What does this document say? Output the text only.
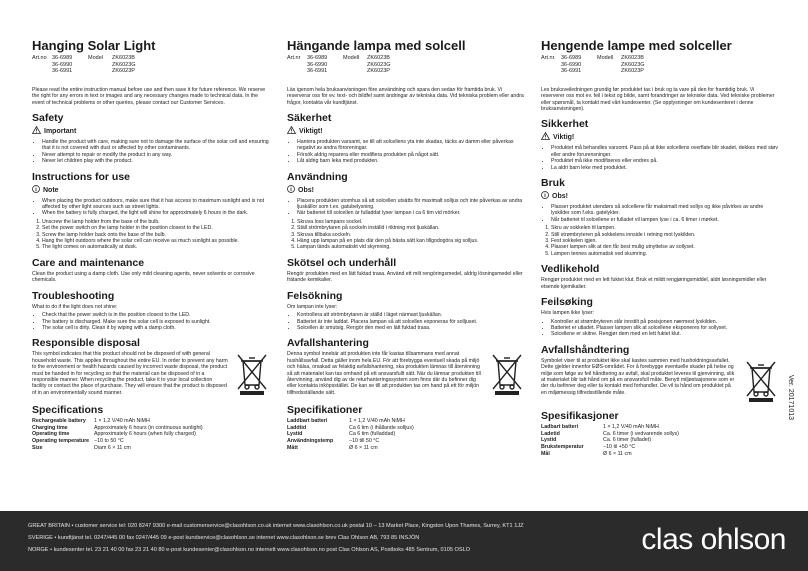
Hanging Solar Light
Art.no 36-6989	Model	ZK6023B
36-6990	ZK6023G
36-6991	ZK6023P

Please read the entire instruction manual before use and then save it for future reference. We reserve the right for any errors in text or images and any necessary changes made to technical data. In the event of technical problems or other queries, please contact our Customer Services.

Safety
Important
• Handle the product with care, making sure not to damage the surface of the solar cell and ensuring that it is not covered with dust or affected by other contaminants.
• Never attempt to repair or modify the product in any way.
• Never let children play with the product.
Instructions for use
Note
• When placing the product outdoors, make sure that it has access to maximum sunlight and is not affected by other light sources such as street lights.
• When the battery is fully charged, the light will shine for approximately 6 hours in the dark.
1. Unscrew the lamp holder from the base of the bulb.
2. Set the power switch on the lamp holder in the position closest to the LED.
3. Screw the lamp holder back onto the base of the bulb.
4. Hang the light outdoors where the solar cell can receive as much sunlight as possible.
5. The light comes on automatically at dusk.
Care and maintenance

Clean the product using a damp cloth. Use only mild cleaning agents, never solvents or corrosive chemicals.

Troubleshooting

What to do if the light does not shine:

• Check that the power switch is in the position closest to the LED.
• The battery is discharged. Make sure the solar cell is exposed to sunlight.
• The solar cell is dirty. Clean it by wiping with a damp cloth.
Responsible disposal

This symbol indicates that this product should not be disposed of with general household waste. This applies throughout the entire EU. In order to prevent any harm to the environment or health hazards caused by incorrect waste disposal, the product must be handed in for recycling so that the material can be disposed of in a responsible manner. When recycling the product, take it to your local collection facility or contact the place of purchase. They will ensure that the product is disposed of in an environmentally sound manner.

Specifications
Rechargeable battery	1 × 1.2 V/40 mAh NiMH
Charging time	Approximately 6 hours (in continuous sunlight)
Operating time	Approximately 6 hours (when fully charged)
Operating temperature −10 to 50 °C
Size	Diam 6 × 11 cm
Hängande lampa med solcell
Art.nr	36-6989	Modell	ZK6023B
36-6990	ZK6023G
36-6991	ZK6023P

Läs igenom hela bruksanvisningen före användning och spara den sedan för framtida bruk. Vi reserverar oss för ev. text- och bildfel samt ändringar av tekniska data. Vid tekniska problem eller andra frågor, kontakta vår kundtjänst.

Säkerhet
Viktigt!
• Hantera produkten varsamt, se till att solcellens yta inte skadas, täcks av damm eller påverkas negativt av andra föroreningar.
• Försök aldrig reparera eller modifiera produkten på något sätt.
• Låt aldrig barn leka med produkten.
Användning
Obs!
• Placera produkten utomhus så att solcellen utsätts för maximalt solljus och inte påverkas av andra ljuskällor som t.ex. gatubelysning.
• När batteriet till solcellen är fulladdat lyser lampan i ca 6 tim vid mörker.
1. Skruva loss lampans sockel.
2. Ställ strömbrytaren på sockeln inställd i riktning mot ljuskällan.
3. Skruva tillbaka sockeln.
4. Häng upp lampan på en plats där den på bästa sätt kan tillgodogöra sig solljus.
5. Lampan tänds automatiskt vid skymning.
Skötsel och underhåll

Rengör produkten med en lätt fuktad trasa. Använd ett milt rengöringsmedel, aldrig lösningsmedel eller frätande kemikalier.

Felsökning

Om lampan inte lyser:

• Kontrollera att strömbrytaren är ställd i läget närmast ljuskällan.
• Batteriet är inte laddat. Placera lampan så att solcellen exponeras för solljuset.
• Solcellen är smutsig. Rengör den med en lätt fuktad trasa.
Avfallshantering

Denna symbol innebär att produkten inte får kastas tillsammans med annat hushållsavfall. Detta gäller inom hela EU. För att förebygga eventuell skada på miljö och hälsa, orsakad av felaktig avfallshantering, ska produkten lämnas till återvinning så att materialet kan tas omhand på ett ansvarsfullt sätt. När du lämnar produkten till återvinning, använd dig av de returhanteringssystem som finns där du befinner dig eller kontakta inköpsstället. De kan se till att produkten tas om hand på ett för miljön tillfredsställande sätt.

Specifikationer
Laddbart batteri	1 × 1,2 V/40 mAh NiMH
Laddtid	Ca 6 tim (i ihållande solljus)
Lystid	Ca 6 tim (fulladdad)
Användningstemp	−10 till 50 °C
Mått	Ø 6 × 11 cm
Hengende lampe med solceller
Art.nr. 36-6989	Modell	ZK6023B
36-6990	ZK6023G
36-6991	ZK6023P

Les bruksveiledningen grundig før produktet tas i bruk og ta vare på den for framtidig bruk. Vi reserverer oss mot ev. feil i tekst og bilde, samt forandringer av tekniske data. Ved tekniske problemer eller spørsmål, ta kontakt med vårt kundesenter. (Se opplysninger om kundesenteret i denne bruksanvisningen).

Sikkerhet
Viktig!
• Produktet må behandles varsomt. Pass på at ikke solcellens overflate blir skadet, dekkes med støv eller andre forurensninger.
• Produktet må ikke modifiseres eller endres på.
• La aldri barn leke med produktet.
Bruk
Obs!
• Plasser produktet utendørs så solcellene får maksimalt med sollys og ikke påvirkes av andre lyskilder som f.eks. gatelykter.
• Når batteriet til solcellene er fulladet vil lampen lyse i ca. 6 timer i mørket.
1. Skru av sokkelen til lampen.
2. Still strømbryteren på sokkelens innside i retning mot lyskilden.
3. Fest sokkelen igjen.
4. Plasser lampen slik at den får best mulig utnyttelse av sollyset.
5. Lampen tennes automatisk ved skumring.
Vedlikehold

Rengjør produktet med en lett fuktet klut. Bruk et mildt rengjøringsmiddel, aldri løsningsmidler eller etsende kjemikalier.

Feilsøking

Hvis lampen ikke lyser:

• Kontroller at strømbryteren står innstilt på posisjonen nærmest lyskilden.
• Batteriet er utladet. Plasser lampen slik at solcellene eksponeres for sollyset.
• Solcellene er skitne. Rengjør dem med en lett fuktet klut.
Avfallshåndtering

Symbolet viser til at produktet ikke skal kastes sammen med husholdningsavfallet. Dette gjelder innenfor EØS-området. For å forebygge eventuelle skader på helse og miljø som følge av feil håndtering av avfall, skal produktet leveres til gjenvinning, slik at materialet blir tatt hånd om på en ansvarsfull måte. Benytt miljøstasjonene som er der du befinner deg eller ta kontakt med forhandler. De vil ta hånd om produktet på en miljømessig tilfredsstillende måte.

Spesifikasjoner
Ladbart batteri	1 × 1,2 V/40 mAh NiMH
Ladetid	Ca. 6 timer (i vedvarende sollys)
Lystid	Ca. 6 timer (fulladet)
Brukstemperatur	−10 til +50 °C
Mål	Ø 6 × 11 cm
Ver. 20171013
GREAT BRITAIN • customer service tel: 020 8247 9300 e-mail customerservice@clasohlson.co.uk internet www.clasohlson.co.uk postal 10 – 13 Market Place, Kingston Upon Thames, Surrey, KT1 1JZ
SVERIGE • kundtjänst tel. 0247/445 00 fax 0247/445 09 e-post kundservice@clasohlson.se internet www.clasohlson.se brev Clas Ohlson AB, 793 85 INSJÖN
NORGE • kundesenter tel. 23 21 40 00 fax 23 21 40 80 e-post kundesenter@clasohlson.no internett www.clasohlson.no post Clas Ohlson AS, Postboks 485 Sentrum, 0105 OSLO	clas ohlson
